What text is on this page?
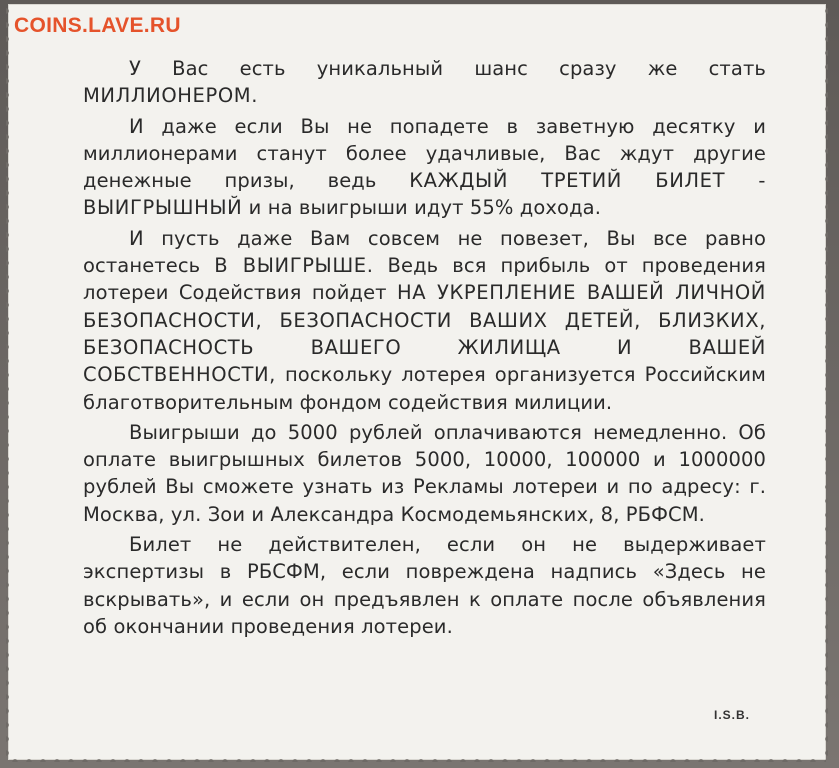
COINS.LAVE.RU

У Вас есть уникальный шанс сразу же стать МИЛЛИОНЕРОМ.

И даже если Вы не попадете в заветную десятку и миллионерами станут более удачливые, Вас ждут другие денежные призы, ведь КАЖДЫЙ ТРЕТИЙ БИЛЕТ - ВЫИГРЫШНЫЙ и на выигрыши идут 55% дохода.

И пусть даже Вам совсем не повезет, Вы все равно останетесь В ВЫИГРЫШЕ. Ведь вся прибыль от проведения лотереи Содействия пойдет НА УКРЕПЛЕНИЕ ВАШЕЙ ЛИЧНОЙ БЕЗОПАСНОСТИ, БЕЗОПАСНОСТИ ВАШИХ ДЕТЕЙ, БЛИЗКИХ, БЕЗОПАСНОСТЬ ВАШЕГО ЖИЛИЩА И ВАШЕЙ СОБСТВЕННОСТИ, поскольку лотерея организуется Российским благотворительным фондом содействия милиции.

Выигрыши до 5000 рублей оплачиваются немедленно. Об оплате выигрышных билетов 5000, 10000, 100000 и 1000000 рублей Вы сможете узнать из Рекламы лотереи и по адресу: г. Москва, ул. Зои и Александра Космодемьянских, 8, РБФСМ.

Билет не действителен, если он не выдерживает экспертизы в РБСФМ, если повреждена надпись «Здесь не вскрывать», и если он предъявлен к оплате после объявления об окончании проведения лотереи.

I.S.B.
